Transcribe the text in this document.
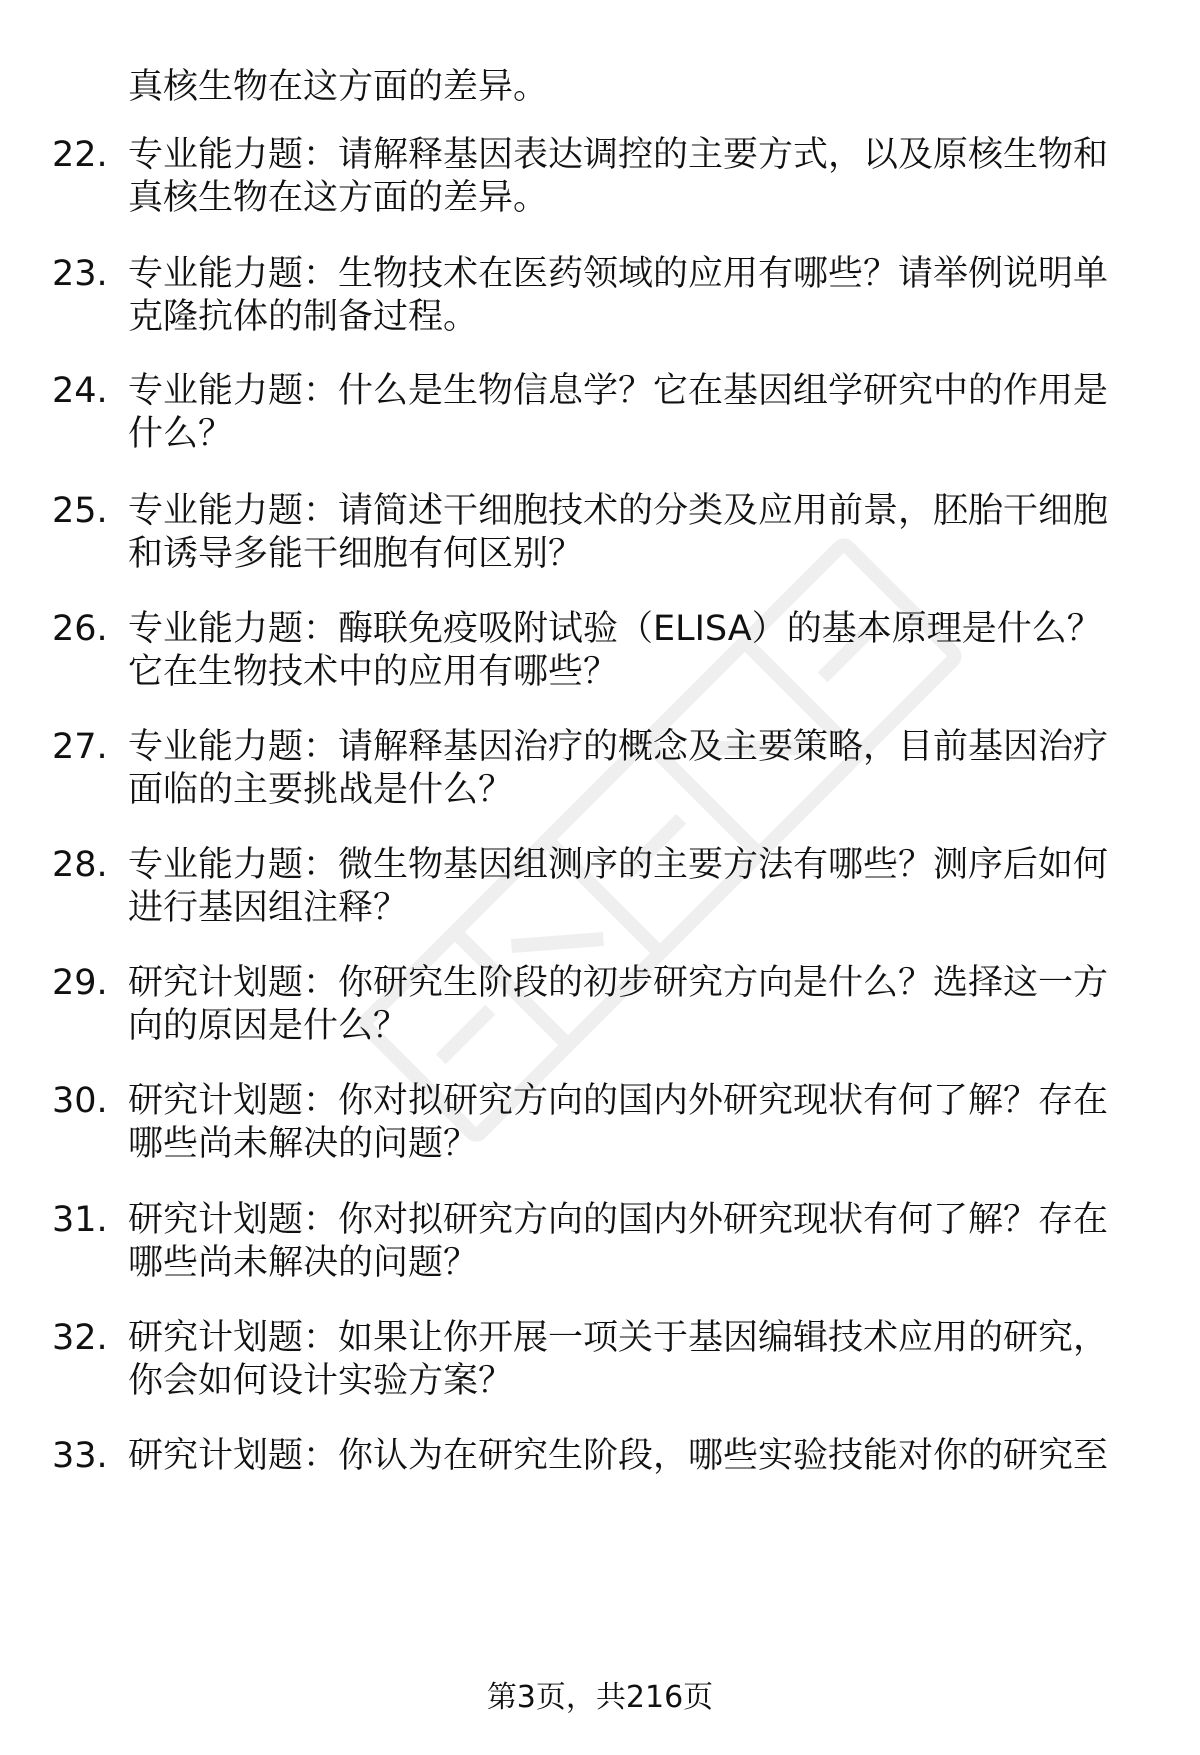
真核生物在这方面的差异。
22. 专业能力题：请解释基因表达调控的主要方式，以及原核生物和
真核生物在这方面的差异。
23. 专业能力题：生物技术在医药领域的应用有哪些？请举例说明单
克隆抗体的制备过程。
24. 专业能力题：什么是生物信息学？它在基因组学研究中的作用是
什么？
25. 专业能力题：请简述干细胞技术的分类及应用前景，胚胎干细胞
和诱导多能干细胞有何区别？
26. 专业能力题：酶联免疫吸附试验（ELISA）的基本原理是什么？
它在生物技术中的应用有哪些？
27. 专业能力题：请解释基因治疗的概念及主要策略，目前基因治疗
面临的主要挑战是什么？
28. 专业能力题：微生物基因组测序的主要方法有哪些？测序后如何
进行基因组注释？
29. 研究计划题：你研究生阶段的初步研究方向是什么？选择这一方
向的原因是什么？
30. 研究计划题：你对拟研究方向的国内外研究现状有何了解？存在
哪些尚未解决的问题？
31. 研究计划题：你对拟研究方向的国内外研究现状有何了解？存在
哪些尚未解决的问题？
32. 研究计划题：如果让你开展一项关于基因编辑技术应用的研究，
你会如何设计实验方案？
33. 研究计划题：你认为在研究生阶段，哪些实验技能对你的研究至
第3页，共216页
